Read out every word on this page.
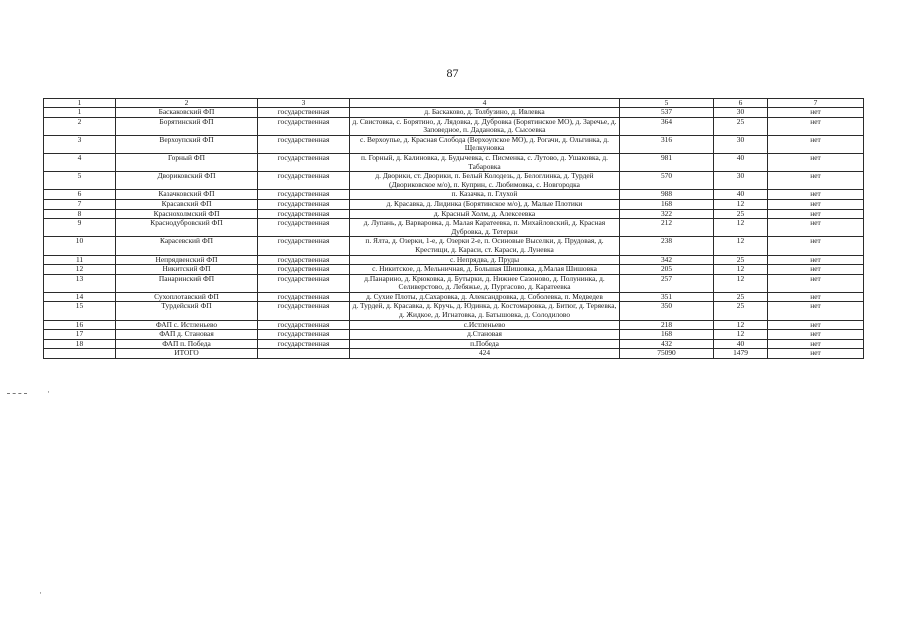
87
·
·
1	2	3	4	5	6	7
1	Баскаковский ФП	государственная	д. Баскаково, д. Толбузино, д. Ивлевка	537	30	нет
2	Борятинский ФП	государственная	д. Свистовка, с. Борятино, д. Лядовка, д. Дубровка (Борятинское МО), д. Заречье, д. Заповедное, п. Дадановка, д. Сысоевка	364	25	нет
3	Верхоупский ФП	государственная	с. Верхоупье, д. Красная Слобода (Верхоупское МО), д. Рогачи, д. Ольгинка, д. Щелкуновка	316	30	нет
4	Горный ФП	государственная	п. Горный, д. Калиновка, д. Будычевка, с. Писменка, с. Лутово, д. Ушаковка, д. Табаровка	981	40	нет
5	Двориковский ФП	государственная	д. Дворики, ст. Дворики, п. Белый Колодезь, д. Белоглинка, д. Турдей (Двориковское м/о), п. Куприн, с. Любимовка, с. Новгородка	570	30	нет
6	Казачковский ФП	государственная	п. Казачка, п. Глухой	988	40	нет
7	Красавский ФП	государственная	д. Красавка, д. Лидинка (Борятинское м/о), д. Малые Плотики	168	12	нет
8	Краснохолмский ФП	государственная	д. Красный Холм, д. Алексеевка	322	25	нет
9	Краснодубровский ФП	государственная	д. Лупань, д. Варваровка, д. Малая Каратеевка, п. Михайловский, д. Красная Дубровка, д. Тетерки	212	12	нет
10	Карасевский ФП	государственная	п. Ялта, д. Озерки, 1-е, д. Озерки 2-е, п. Осиновые Выселки, д. Прудовая, д. Крестищи, д. Караси, ст. Караси, д. Луневка	238	12	нет
11	Непрядвенский ФП	государственная	с. Непрядва, д. Пруды	342	25	нет
12	Никитский ФП	государственная	с. Никитское, д. Мельничная, д. Большая Шишовка, д.Малая Шишовка	205	12	нет
13	Панаринский ФП	государственная	д.Панарино, д. Крюковка, д. Бутырки, д. Нижнее Сазоново, д. Полунинка, д. Селиверстово, д. Лебяжье, д. Пургасово, д. Каратеевка	257	12	нет
14	Сухоплотавский ФП	государственная	д. Сухие Плоты, д.Сахаровка, д. Александровка, д. Соболевка, п. Медведев	351	25	нет
15	Турдейский ФП	государственная	д. Турдей, д. Красавка, д. Кручь, д. Юдинка, д. Костомаровка, д. Битюг, д. Теряевка, д. Жидкое, д. Игнатовка, д. Батышовка, д. Солодилово	350	25	нет
16	ФАП с. Истленьево	государственная	с.Истленьево	218	12	нет
17	ФАП д. Становая	государственная	д.Становая	168	12	нет
18	ФАП п. Победа	государственная	п.Победа	432	40	нет
	ИТОГО		424	75090	1479	нет
